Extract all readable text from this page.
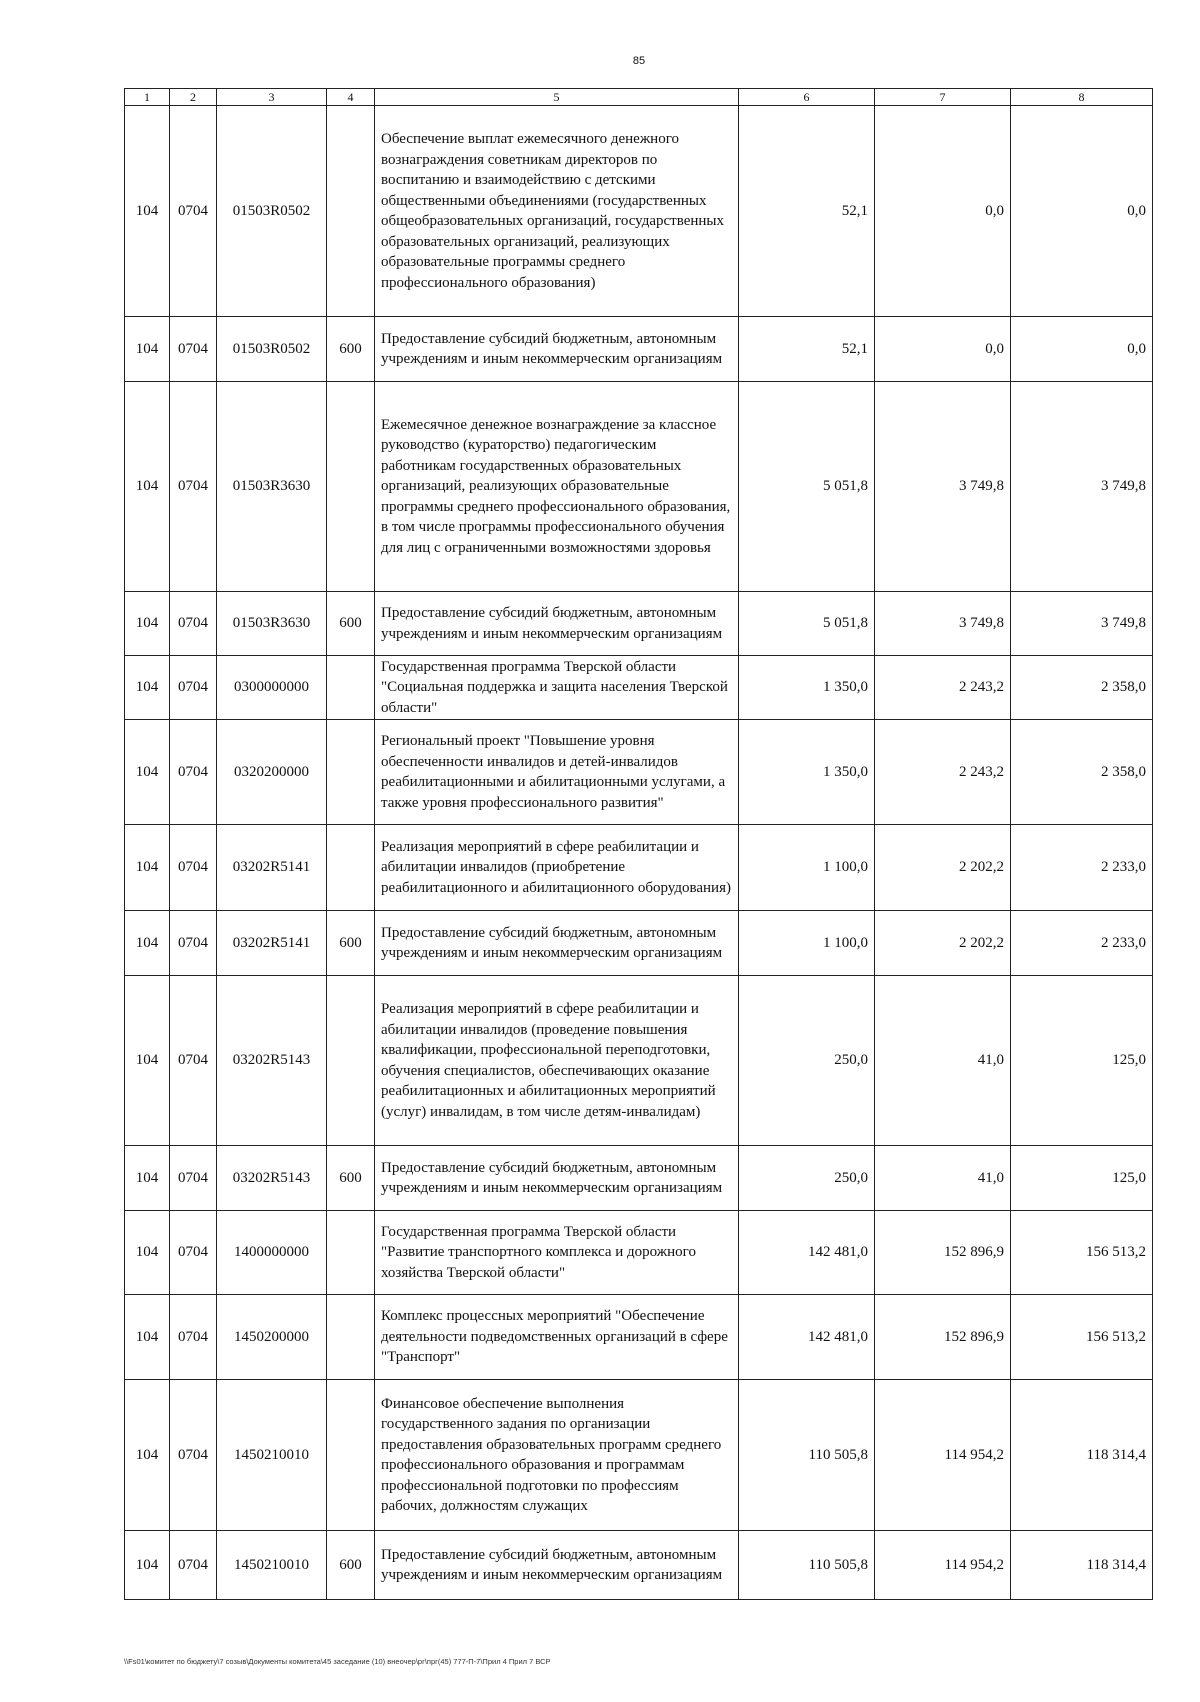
85
1	2	3	4	5	6	7	8
104	0704	01503R0502		Обеспечение выплат ежемесячного денежного вознаграждения советникам директоров по воспитанию и взаимодействию с детскими общественными объединениями (государственных общеобразовательных организаций, государственных образовательных организаций, реализующих образовательные программы среднего профессионального образования)	52,1	0,0	0,0
104	0704	01503R0502	600	Предоставление субсидий бюджетным, автономным учреждениям и иным некоммерческим организациям	52,1	0,0	0,0
104	0704	01503R3630		Ежемесячное денежное вознаграждение за классное руководство (кураторство) педагогическим работникам государственных образовательных организаций, реализующих образовательные программы среднего профессионального образования, в том числе программы профессионального обучения для лиц с ограниченными возможностями здоровья	5 051,8	3 749,8	3 749,8
104	0704	01503R3630	600	Предоставление субсидий бюджетным, автономным учреждениям и иным некоммерческим организациям	5 051,8	3 749,8	3 749,8
104	0704	0300000000		Государственная программа Тверской области "Социальная поддержка и защита населения Тверской области"	1 350,0	2 243,2	2 358,0
104	0704	0320200000		Региональный проект "Повышение уровня обеспеченности инвалидов и детей-инвалидов реабилитационными и абилитационными услугами, а также уровня профессионального развития"	1 350,0	2 243,2	2 358,0
104	0704	03202R5141		Реализация мероприятий в сфере реабилитации и абилитации инвалидов (приобретение реабилитационного и абилитационного оборудования)	1 100,0	2 202,2	2 233,0
104	0704	03202R5141	600	Предоставление субсидий бюджетным, автономным учреждениям и иным некоммерческим организациям	1 100,0	2 202,2	2 233,0
104	0704	03202R5143		Реализация мероприятий в сфере реабилитации и абилитации инвалидов (проведение повышения квалификации, профессиональной переподготовки, обучения специалистов, обеспечивающих оказание реабилитационных и абилитационных мероприятий (услуг) инвалидам, в том числе детям-инвалидам)	250,0	41,0	125,0
104	0704	03202R5143	600	Предоставление субсидий бюджетным, автономным учреждениям и иным некоммерческим организациям	250,0	41,0	125,0
104	0704	1400000000		Государственная программа Тверской области "Развитие транспортного комплекса и дорожного хозяйства Тверской области"	142 481,0	152 896,9	156 513,2
104	0704	1450200000		Комплекс процессных мероприятий "Обеспечение деятельности подведомственных организаций в сфере "Транспорт"	142 481,0	152 896,9	156 513,2
104	0704	1450210010		Финансовое обеспечение выполнения государственного задания по организации предоставления образовательных программ среднего профессионального образования и программам профессиональной подготовки по профессиям рабочих, должностям служащих	110 505,8	114 954,2	118 314,4
104	0704	1450210010	600	Предоставление субсидий бюджетным, автономным учреждениям и иным некоммерческим организациям	110 505,8	114 954,2	118 314,4
\\Fs01\комитет по бюджету\7 созыв\Документы комитета\45 заседание (10) внеочер\рг\прг(45) 777-П-7\Прил 4 Прил 7 ВСР
